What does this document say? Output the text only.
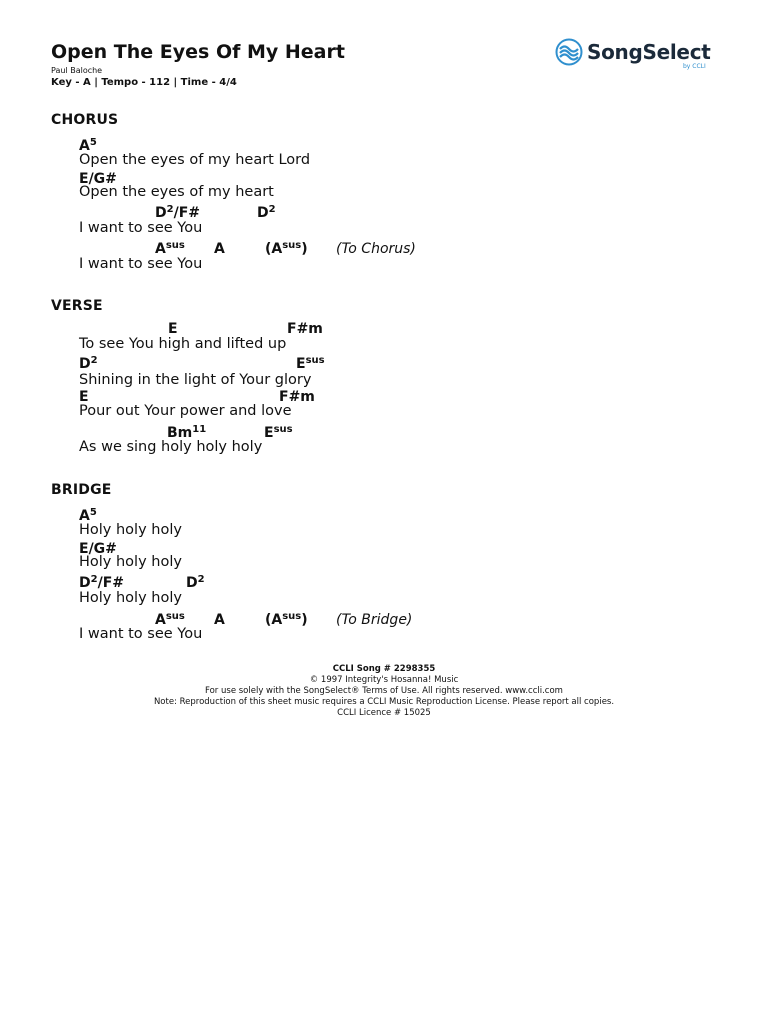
Open The Eyes Of My Heart
Paul Baloche
Key - A | Tempo - 112 | Time - 4/4
SongSelect
by CCLI
CHORUS
$A^5$
Open the eyes of my heart Lord
E/G#
Open the eyes of my heart
$D^2/F\#$	$D^2$
I want to see You
$A^{sus}$ A	$(A^{sus})$ (To Chorus)
I want to see You
VERSE
E	F#m
To see You high and lifted up
$D^2$	$E^{sus}$
Shining in the light of Your glory
E	F#m
Pour out Your power and love
Bm$^{11}$	$E^{sus}$
As we sing holy holy holy
BRIDGE
$A^5$
Holy holy holy
E/G#
Holy holy holy
$D^2/F\#$	$D^2$
Holy holy holy
$A^{sus}$ A	$(A^{sus})$ (To Bridge)
I want to see You
CCLI Song # 2298355
© 1997 Integrity's Hosanna! Music
For use solely with the SongSelect® Terms of Use. All rights reserved. www.ccli.com
Note: Reproduction of this sheet music requires a CCLI Music Reproduction License. Please report all copies.
CCLI Licence # 15025
